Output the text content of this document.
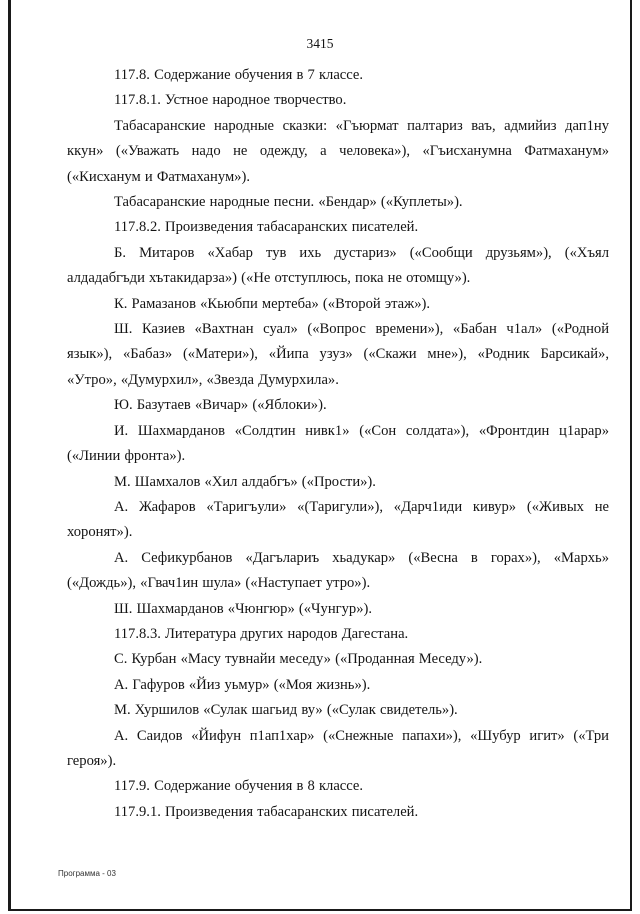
3415

117.8. Содержание обучения в 7 классе.

117.8.1. Устное народное творчество.

Табасаранские народные сказки: «Гъюрмат палтариз ваъ, адмийиз дап1ну ккун» («Уважать надо не одежду, а человека»), «Гъисханумна Фатмаханум» («Кисханум и Фатмаханум»).

Табасаранские народные песни. «Бендар» («Куплеты»).

117.8.2. Произведения табасаранских писателей.

Б. Митаров «Хабар тув ихь дустариз» («Сообщи друзьям»), («Хъял алдадабгъди хътакидарза») («Не отступлюсь, пока не отомщу»).

К. Рамазанов «Кьюбпи мертеба» («Второй этаж»).

Ш. Казиев «Вахтнан суал» («Вопрос времени»), «Бабан ч1ал» («Родной язык»), «Бабаз» («Матери»), «Йипа узуз» («Скажи мне»), «Родник Барсикай», «Утро», «Думурхил», «Звезда Думурхила».

Ю. Базутаев «Вичар» («Яблоки»).

И. Шахмарданов «Солдтин нивк1» («Сон солдата»), «Фронтдин ц1арар» («Линии фронта»).

М. Шамхалов «Хил алдабгъ» («Прости»).

А. Жафаров «Таригъули» «(Таригули»), «Дарч1иди кивур» («Живых не хоронят»).

А. Сефикурбанов «Дагълариъ хьадукар» («Весна в горах»), «Мархь» («Дождь»), «Гвач1ин шула» («Наступает утро»).

Ш. Шахмарданов «Чюнгюр» («Чунгур»).

117.8.3. Литература других народов Дагестана.

С. Курбан «Масу тувнайи меседу» («Проданная Меседу»).

А. Гафуров «Йиз уьмур» («Моя жизнь»).

М. Хуршилов «Сулак шагьид ву» («Сулак свидетель»).

А. Саидов «Йифун п1ап1хар» («Снежные папахи»), «Шубур игит» («Три героя»).

117.9. Содержание обучения в 8 классе.

117.9.1. Произведения табасаранских писателей.

Программа - 03
